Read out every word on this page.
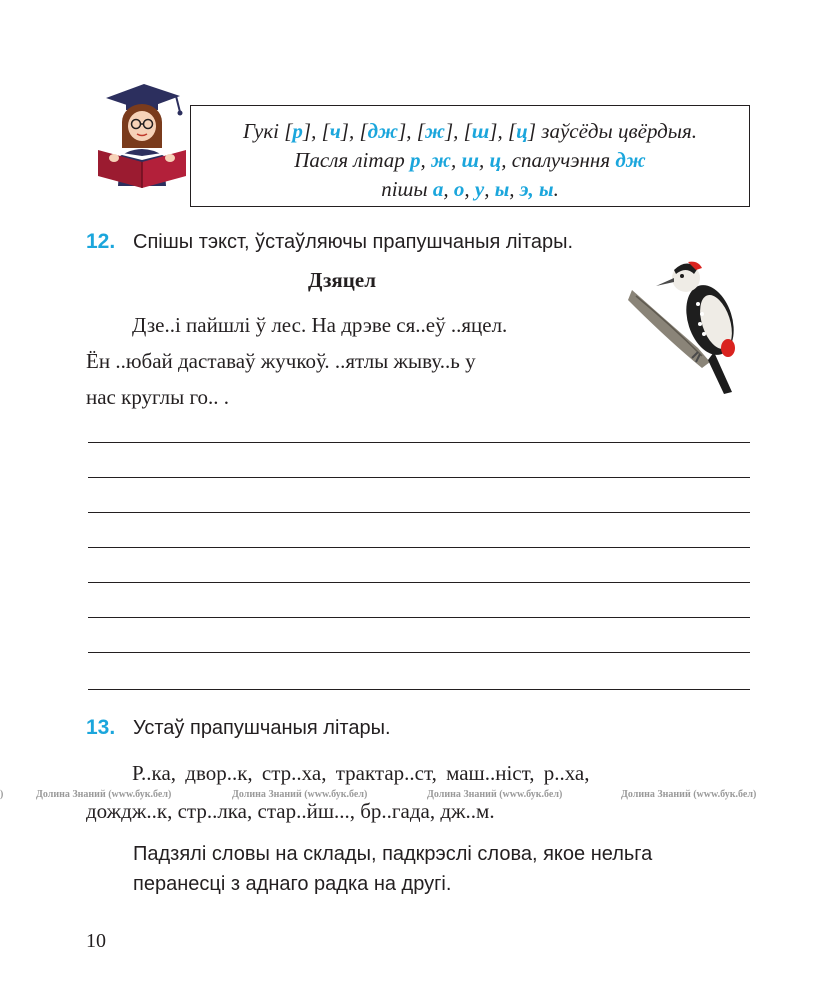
Гукі [р], [ч], [дж], [ж], [ш], [ц] заўсёды цвёрдыя.
Пасля літар р, ж, ш, ц, спалучэння дж
пішы а, о, у, ы, э, ы.
12. Спішы тэкст, ўстаўляючы прапушчаныя літары.
Дзяцел
Дзе..і пайшлі ў лес. На дрэве ся..еў ..яцел.
Ён ..юбай даставаў жучкоў. ..ятлы жыву..ь у
нас круглы го.. .
13. Устаў прапушчаныя літары.
Р..ка, двор..к, стр..ха, трактар..ст, маш..ніст, р..ха,
)	Долина Знаний (www.бук.бел)	Долина Знаний (www.бук.бел)	Долина Знаний (www.бук.бел)	Долина Знаний (www.бук.бел)
дождж..к, стр..лка, стар..йш..., бр..гада, дж..м.
Падзялі словы на склады, падкрэслі слова, якое нельга
перанесці з аднаго радка на другі.
10
